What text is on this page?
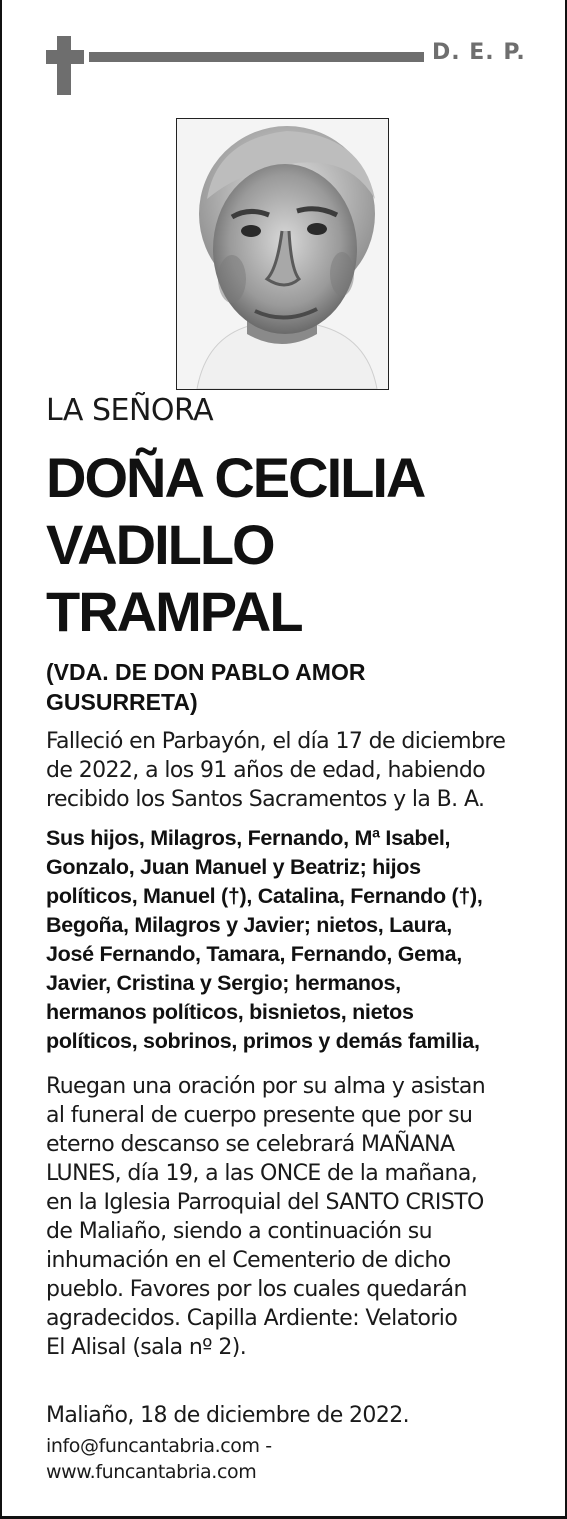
D. E. P.
LA SEÑORA
DOÑA CECILIA
VADILLO
TRAMPAL
(VDA. DE DON PABLO AMOR
GUSURRETA)
Falleció en Parbayón, el día 17 de diciembre
de 2022, a los 91 años de edad, habiendo
recibido los Santos Sacramentos y la B. A.
Sus hijos, Milagros, Fernando, Mª Isabel,
Gonzalo, Juan Manuel y Beatriz; hijos
políticos, Manuel (†), Catalina, Fernando (†),
Begoña, Milagros y Javier; nietos, Laura,
José Fernando, Tamara, Fernando, Gema,
Javier, Cristina y Sergio; hermanos,
hermanos políticos, bisnietos, nietos
políticos, sobrinos, primos y demás familia,
Ruegan una oración por su alma y asistan
al funeral de cuerpo presente que por su
eterno descanso se celebrará MAÑANA
LUNES, día 19, a las ONCE de la mañana,
en la Iglesia Parroquial del SANTO CRISTO
de Maliaño, siendo a continuación su
inhumación en el Cementerio de dicho
pueblo. Favores por los cuales quedarán
agradecidos. Capilla Ardiente: Velatorio
El Alisal (sala nº 2).
Maliaño, 18 de diciembre de 2022.
info@funcantabria.com -
www.funcantabria.com
